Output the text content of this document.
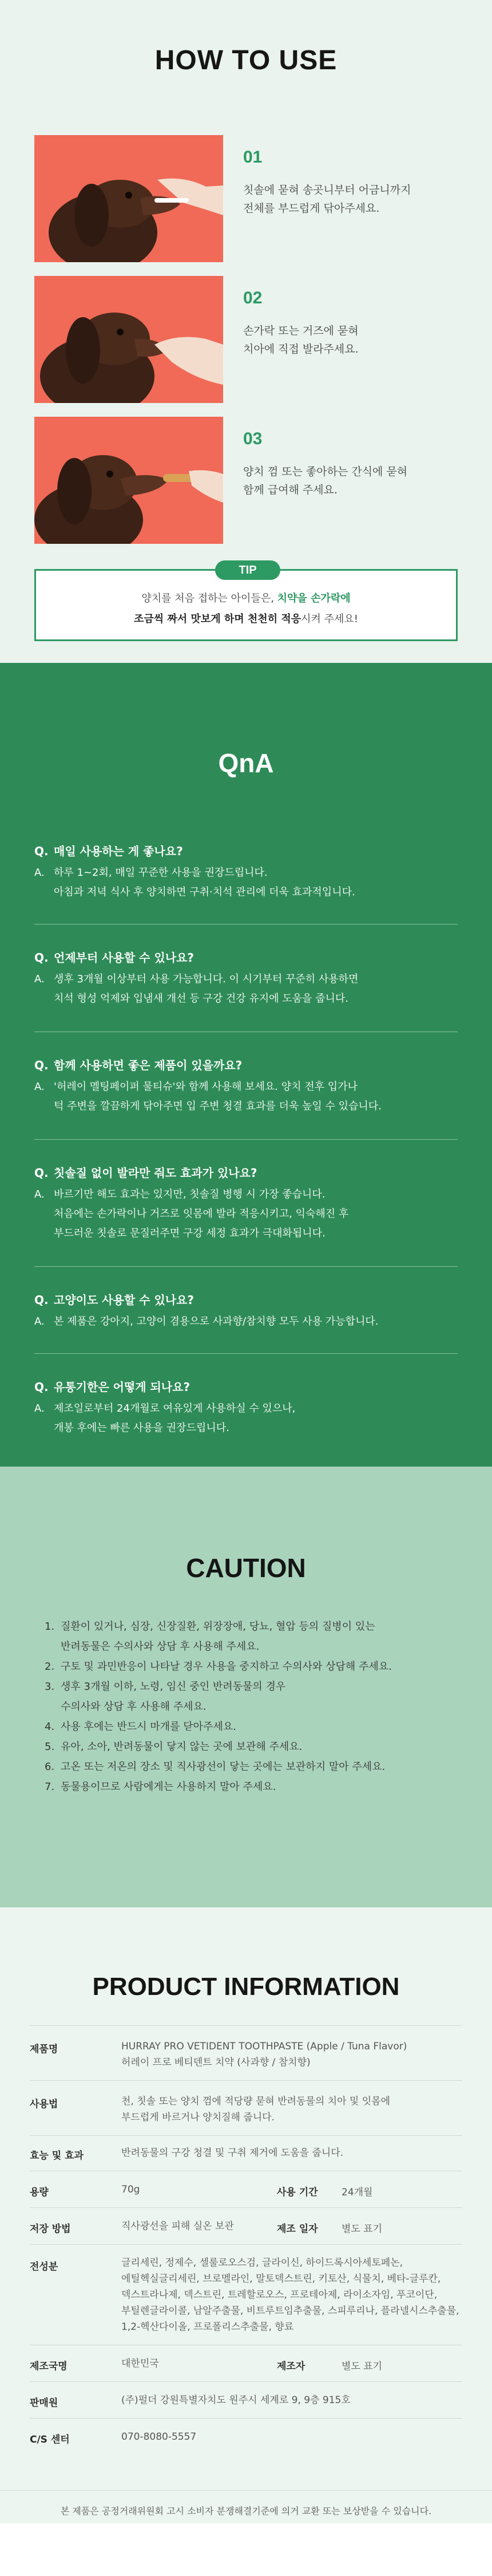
HOW TO USE
01

칫솔에 묻혀 송곳니부터 어금니까지
전체를 부드럽게 닦아주세요.

02

손가락 또는 거즈에 묻혀
치아에 직접 발라주세요.

03

양치 껌 또는 좋아하는 간식에 묻혀
함께 급여해 주세요.

TIP

양치를 처음 접하는 아이들은, 치약을 손가락에

조금씩 짜서 맛보게 하며 천천히 적응시켜 주세요!

QnA
Q. 매일 사용하는 게 좋나요?
A. 하루 1~2회, 매일 꾸준한 사용을 권장드립니다.
아침과 저녁 식사 후 양치하면 구취·치석 관리에 더욱 효과적입니다.
Q. 언제부터 사용할 수 있나요?
A. 생후 3개월 이상부터 사용 가능합니다. 이 시기부터 꾸준히 사용하면
치석 형성 억제와 입냄새 개선 등 구강 건강 유지에 도움을 줍니다.
Q. 함께 사용하면 좋은 제품이 있을까요?
A. '허레이 멜팅페이퍼 물티슈'와 함께 사용해 보세요. 양치 전후 입가나
턱 주변을 깔끔하게 닦아주면 입 주변 청결 효과를 더욱 높일 수 있습니다.
Q. 칫솔질 없이 발라만 줘도 효과가 있나요?
A. 바르기만 해도 효과는 있지만, 칫솔질 병행 시 가장 좋습니다.
처음에는 손가락이나 거즈로 잇몸에 발라 적응시키고, 익숙해진 후
부드러운 칫솔로 문질러주면 구강 세정 효과가 극대화됩니다.
Q. 고양이도 사용할 수 있나요?
A. 본 제품은 강아지, 고양이 겸용으로 사과향/참치향 모두 사용 가능합니다.
Q. 유통기한은 어떻게 되나요?
A. 제조일로부터 24개월로 여유있게 사용하실 수 있으나,
개봉 후에는 빠른 사용을 권장드립니다.
CAUTION
1. 질환이 있거나, 심장, 신장질환, 위장장애, 당뇨, 혈압 등의 질병이 있는
반려동물은 수의사와 상담 후 사용해 주세요.
2. 구토 및 과민반응이 나타날 경우 사용을 중지하고 수의사와 상담해 주세요.
3. 생후 3개월 이하, 노령, 임신 중인 반려동물의 경우
수의사와 상담 후 사용해 주세요.
4. 사용 후에는 반드시 마개를 닫아주세요.
5. 유아, 소아, 반려동물이 닿지 않는 곳에 보관해 주세요.
6. 고온 또는 저온의 장소 및 직사광선이 닿는 곳에는 보관하지 말아 주세요.
7. 동물용이므로 사람에게는 사용하지 말아 주세요.
PRODUCT INFORMATION
제품명	HURRAY PRO VETIDENT TOOTHPASTE (Apple / Tuna Flavor)
허레이 프로 베티덴트 치약 (사과향 / 참치향)
사용법	천, 칫솔 또는 양치 껌에 적당량 묻혀 반려동물의 치아 및 잇몸에
부드럽게 바르거나 양치질해 줍니다.
효능 및 효과	반려동물의 구강 청결 및 구취 제거에 도움을 줍니다.
용량	70g	사용 기간 24개월
저장 방법	직사광선을 피해 실온 보관	제조 일자 별도 표기
전성분	글리세린, 정제수, 셀룰로오스검, 글라이신, 하이드록시아세토페논,
에틸헥실글리세린, 브로멜라인, 말토덱스트린, 키토산, 식물치, 베타-글루칸,
덱스트라나제, 덱스트린, 트레할로오스, 프로테아제, 라이소자임, 푸코이단,
부틸렌글라이콜, 남알주출물, 비트루트임추출물, 스피루리나, 플라넬시스추출물,
1,2-헥산다이올, 프로폴리스추출물, 향료
제조국명	대한민국	제조자	별도 표기
판매원	(주)펄더 강원특별자치도 원주시 세계로 9, 9층 915호
C/S 센터	070-8080-5557

본 제품은 공정거래위원회 고시 소비자 분쟁해결기준에 의거 교환 또는 보상받을 수 있습니다.
